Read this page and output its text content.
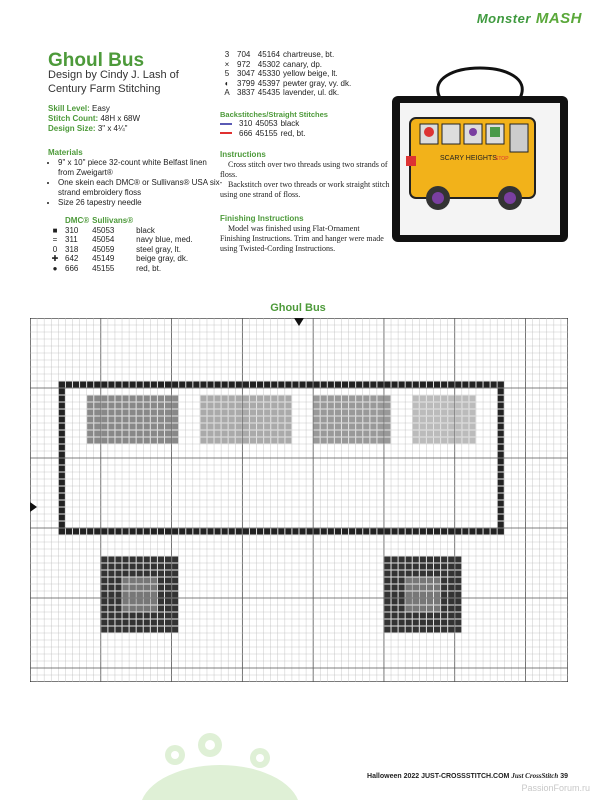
Monster MASH
Ghoul Bus
Design by Cindy J. Lash of Century Farm Stitching
Skill Level: Easy
Stitch Count: 48H x 68W
Design Size: 3" x 4¼"
Materials
• 9" x 10" piece 32-count white Belfast linen from Zweigart®
• One skein each DMC® or Sullivans® USA six-strand embroidery floss
• Size 26 tapestry needle
	DMC®	Sullivans®	
■	310	45053	black
=	311	45054	navy blue, med.
0	318	45059	steel gray, lt.
✚	642	45149	beige gray, dk.
●	666	45155	red, bt.
3	704	45164	chartreuse, bt.
×	972	45302	canary, dp.
5	3047	45330	yellow beige, lt.
◐	3799	45397	pewter gray, vy. dk.
A	3837	45435	lavender, ul. dk.
Backstitches/Straight Stitches
	310	45053	black
	666	45155	red, bt.
Instructions

Cross stitch over two threads using two strands of floss.

Backstitch over two threads or work straight stitch using one strand of floss.

Finishing Instructions

Model was finished using Flat-Ornament Finishing Instructions. Trim and hanger were made using Twisted-Cording Instructions.

SCARY HEIGHTS
STOP
Ghoul Bus
Halloween 2022 JUST-CROSSSTITCH.COM Just CrossStitch 39
PassionForum.ru
